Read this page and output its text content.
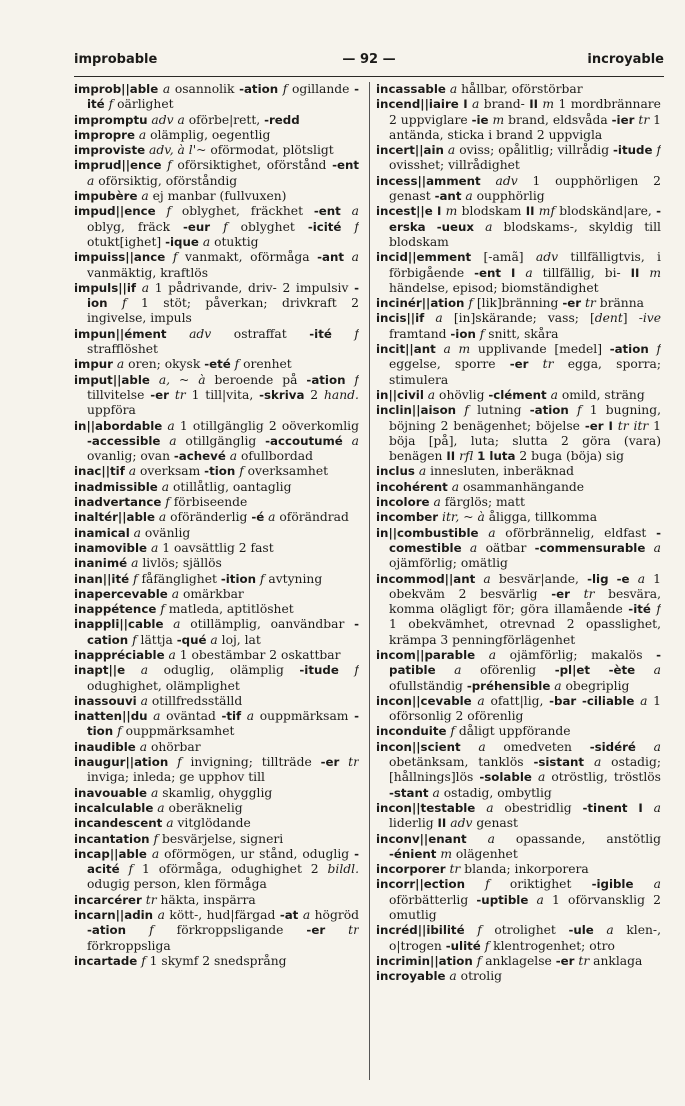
improbable	— 92 —	incroyable

improb||able a osannolik -ation f ogillande -ité f oärlighet

impromptu adv a oförbe|rett, -redd

impropre a olämplig, oegentlig

improviste adv, à l'~ oförmodat, plötsligt

imprud||ence f oförsiktighet, oförstånd -ent a oförsiktig, oförståndig

impubère a ej manbar (fullvuxen)

impud||ence f oblyghet, fräckhet -ent a oblyg, fräck -eur f oblyghet -icité f otukt[ighet] -ique a otuktig

impuiss||ance f vanmakt, oförmåga -ant a vanmäktig, kraftlös

impuls||if a 1 pådrivande, driv- 2 impulsiv -ion f 1 stöt; påverkan; drivkraft 2 ingivelse, impuls

impun||ément adv ostraffat -ité f strafflöshet

impur a oren; okysk -eté f orenhet

imput||able a, ~ à beroende på -ation f tillvitelse -er tr 1 till|vita, -skriva 2 hand. uppföra

in||abordable a 1 otillgänglig 2 oöverkomlig -accessible a otillgänglig -accoutumé a ovanlig; ovan -achevé a ofullbordad

inac||tif a overksam -tion f overksamhet

inadmissible a otillåtlig, oantaglig

inadvertance f förbiseende

inaltér||able a oföränderlig -é a oförändrad

inamical a ovänlig

inamovible a 1 oavsättlig 2 fast

inanimé a livlös; själlös

inan||ité f fåfänglighet -ition f avtyning

inapercevable a omärkbar

inappétence f matleda, aptitlöshet

inappli||cable a otillämplig, oanvändbar -cation f lättja -qué a loj, lat

inappréciable a 1 obestämbar 2 oskattbar

inapt||e a oduglig, olämplig -itude f odughighet, olämplighet

inassouvi a otillfredsställd

inatten||du a oväntad -tif a ouppmärksam -tion f ouppmärksamhet

inaudible a ohörbar

inaugur||ation f invigning; tillträde -er tr inviga; inleda; ge upphov till

inavouable a skamlig, ohygglig

incalculable a oberäknelig

incandescent a vitglödande

incantation f besvärjelse, signeri

incap||able a oförmögen, ur stånd, oduglig -acité f 1 oförmåga, odughighet 2 bildl. odugig person, klen förmåga

incarcérer tr häkta, inspärra

incarn||adin a kött-, hud|färgad -at a högröd -ation f förkroppsligande -er tr förkroppsliga

incartade f 1 skymf 2 snedsprång

incassable a hållbar, oförstörbar

incend||iaire I a brand- II m 1 mordbrännare 2 uppviglare -ie m brand, eldsvåda -ier tr 1 antända, sticka i brand 2 uppvigla

incert||ain a oviss; opålitlig; villrådig -itude f ovisshet; villrådighet

incess||amment adv 1 oupphörligen 2 genast -ant a oupphörlig

incest||e I m blodskam II mf blodskänd|are, -erska -ueux a blodskams-, skyldig till blodskam

incid||emment [-amã] adv tillfälligtvis, i förbigående -ent I a tillfällig, bi- II m händelse, episod; biomständighet

incinér||ation f [lik]bränning -er tr bränna

incis||if a [in]skärande; vass; [dent] -ive framtand -ion f snitt, skåra

incit||ant a m upplivande [medel] -ation f eggelse, sporre -er tr egga, sporra; stimulera

in||civil a ohövlig -clément a omild, sträng

inclin||aison f lutning -ation f 1 bugning, böjning 2 benägenhet; böjelse -er I tr itr 1 böja [på], luta; slutta 2 göra (vara) benägen II rfl 1 luta 2 buga (böja) sig

inclus a innesluten, inberäknad

incohérent a osammanhängande

incolore a färglös; matt

incomber itr, ~ à åligga, tillkomma

in||combustible a oförbrännelig, eldfast -comestible a oätbar -commensurable a ojämförlig; omätlig

incommod||ant a besvär|ande, -lig -e a 1 obekväm 2 besvärlig -er tr besvära, komma olägligt för; göra illamående -ité f 1 obekvämhet, otrevnad 2 opasslighet, krämpa 3 penningförlägenhet

incom||parable a ojämförlig; makalös -patible a oförenlig -pl|et -ète a ofullständig -préhensible a obegriplig

incon||cevable a ofatt|lig, -bar -ciliable a 1 oförsonlig 2 oförenlig

inconduite f dåligt uppförande

incon||scient a omedveten -sidéré a obetänksam, tanklös -sistant a ostadig; [hållnings]lös -solable a otröstlig, tröstlös -stant a ostadig, ombytlig

incon||testable a obestridlig -tinent I a liderlig II adv genast

inconv||enant a opassande, anstötlig -énient m olägenhet

incorporer tr blanda; inkorporera

incorr||ection f oriktighet -igible a oförbätterlig -uptible a 1 oförvansklig 2 omutlig

incréd||ibilité f otrolighet -ule a klen-, o|trogen -ulité f klentrogenhet; otro

incrimin||ation f anklagelse -er tr anklaga

incroyable a otrolig
